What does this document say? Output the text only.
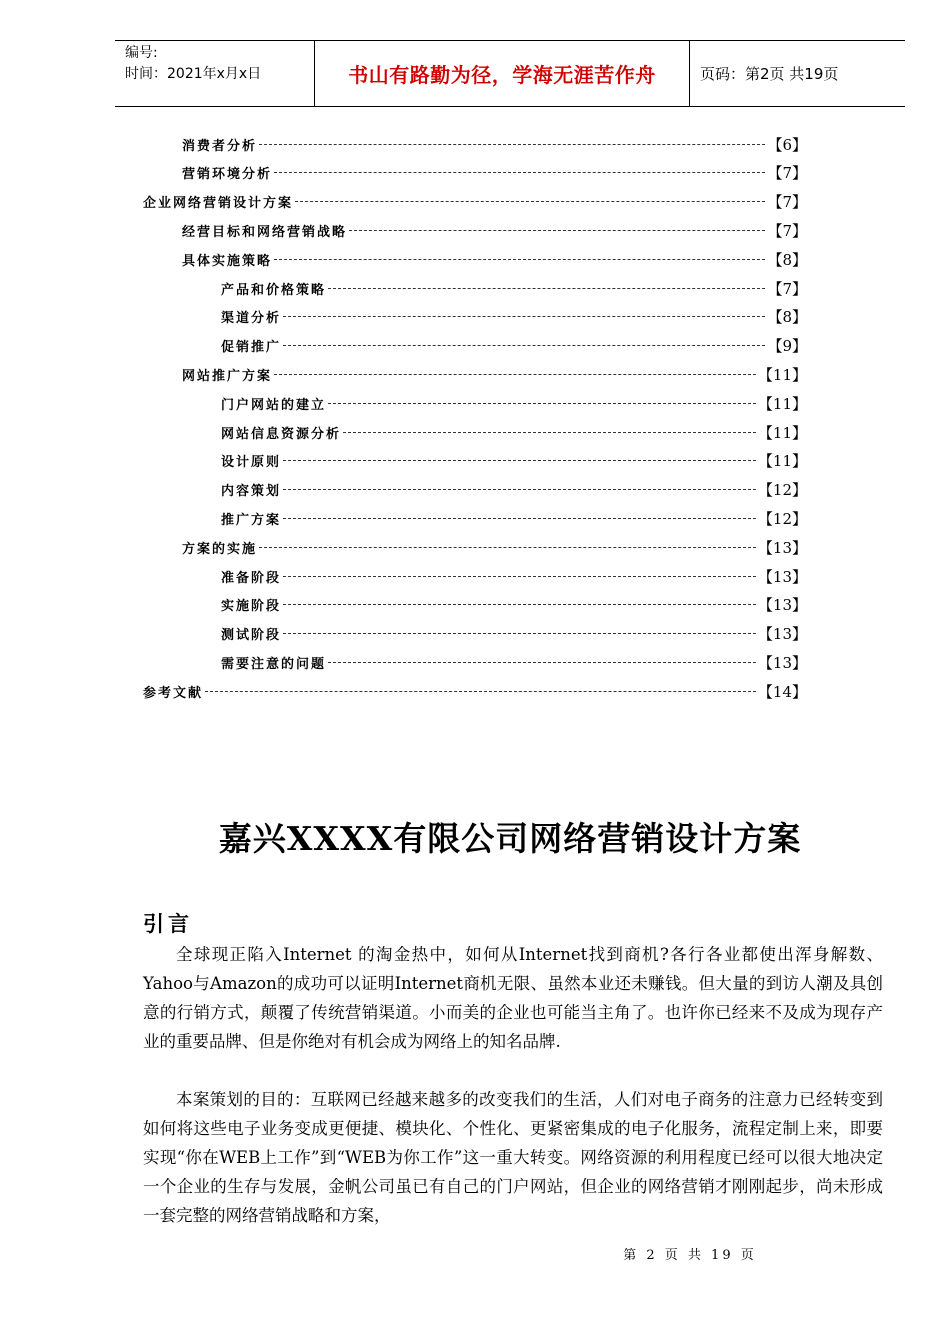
编号:
时间：2021年x月x日	书山有路勤为径，学海无涯苦作舟	页码：第2页 共19页
消费者分析	【6】
营销环境分析	【7】
企业网络营销设计方案	【7】
经营目标和网络营销战略	【7】
具体实施策略	【8】
产品和价格策略	【7】
渠道分析	【8】
促销推广	【9】
网站推广方案	【11】
门户网站的建立	【11】
网站信息资源分析	【11】
设计原则	【11】
内容策划	【12】
推广方案	【12】
方案的实施	【13】
准备阶段	【13】
实施阶段	【13】
测试阶段	【13】
需要注意的问题	【13】
参考文献	【14】
嘉兴XXXX有限公司网络营销设计方案
引言
全球现正陷入Internet 的淘金热中，如何从Internet找到商机?各行各业都使出浑身解数、Yahoo与Amazon的成功可以证明Internet商机无限、虽然本业还未赚钱。但大量的到访人潮及具创意的行销方式，颠覆了传统营销渠道。小而美的企业也可能当主角了。也许你已经来不及成为现存产业的重要品牌、但是你绝对有机会成为网络上的知名品牌.
本案策划的目的：互联网已经越来越多的改变我们的生活，人们对电子商务的注意力已经转变到如何将这些电子业务变成更便捷、模块化、个性化、更紧密集成的电子化服务，流程定制上来，即要实现“你在WEB上工作”到“WEB为你工作”这一重大转变。网络资源的利用程度已经可以很大地决定一个企业的生存与发展，金帆公司虽已有自己的门户网站，但企业的网络营销才刚刚起步，尚未形成一套完整的网络营销战略和方案，
第 2 页 共 19 页
